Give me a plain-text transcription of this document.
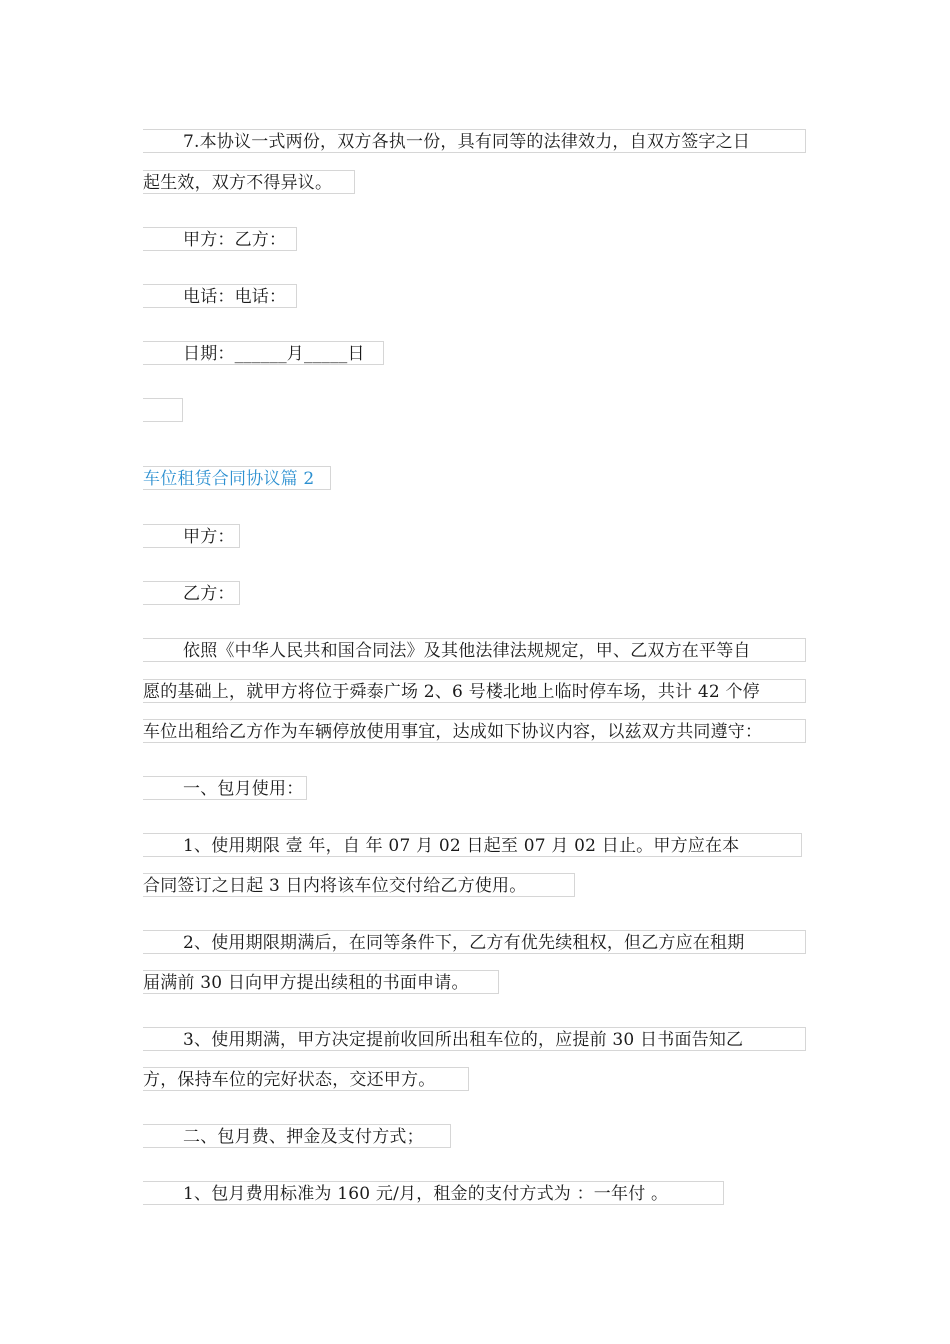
7.本协议一式两份，双方各执一份，具有同等的法律效力，自双方签字之日
起生效，双方不得异议。
甲方：乙方：
电话：电话：
日期：______月_____日
车位租赁合同协议篇 2
甲方：
乙方：
依照《中华人民共和国合同法》及其他法律法规规定，甲、乙双方在平等自
愿的基础上，就甲方将位于舜泰广场 2、6 号楼北地上临时停车场，共计 42 个停
车位出租给乙方作为车辆停放使用事宜，达成如下协议内容，以兹双方共同遵守：
一、包月使用：
1、使用期限 壹 年，自 年 07 月 02 日起至 07 月 02 日止。甲方应在本
合同签订之日起 3 日内将该车位交付给乙方使用。
2、使用期限期满后，在同等条件下，乙方有优先续租权，但乙方应在租期
届满前 30 日向甲方提出续租的书面申请。
3、使用期满，甲方决定提前收回所出租车位的，应提前 30 日书面告知乙
方，保持车位的完好状态，交还甲方。
二、包月费、押金及支付方式；
1、包月费用标准为 160 元/月，租金的支付方式为 ：一年付 。
